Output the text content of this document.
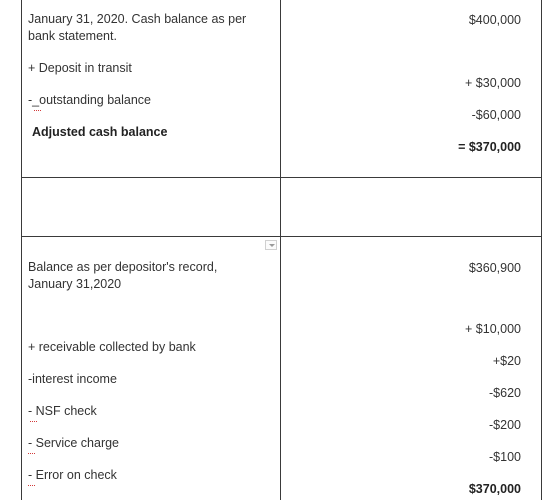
January 31, 2020. Cash balance as per
bank statement.
$400,000
+ Deposit in transit
+ $30,000
-_outstanding balance
-$60,000
Adjusted cash balance
= $370,000
Balance as per depositor's record,
January 31,2020
$360,900
+ $10,000
+ receivable collected by bank
+$20
-interest income
-$620
- NSF check
-$200
- Service charge
-$100
- Error on check
$370,000
